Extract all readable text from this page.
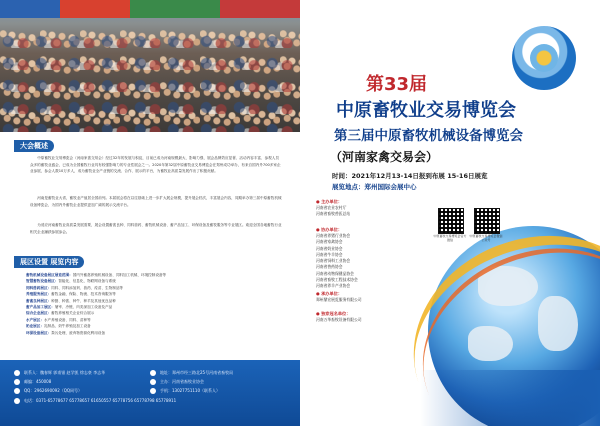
大会概述
中原畜牧业交易博览会（河南家禽交易会）经过32年的发展与积淀，目前已成为河南规模最大、影响力强、展会品牌效应显著、活动内容丰富、参观人员众多的畜牧业盛会，已成为全国畜牧行业具有较强影响力的专业性展会之一。2020年第32届中原畜牧业交易博览会在郑州成功举办，有来自国内外700多家企业参展，参会人数10万多人，成为畜牧业全产业链的交流、合作、展示的平台，为畜牧业高质量发展作出了积极贡献。
河南是畜牧业大省，畜牧业产值居全国前列。本届展会将在以往基础上进一步扩大展会规模，提升展会档次，丰富展会内容，同期举办第三届中原畜牧机械设备博览会，为国内外畜牧企业提供更加广阔的展示交流平台。
为适应河南畜牧业高质量发展需要，展会设置畜禽良种、饲料兽药、畜牧机械设备、畜产品加工、环保设备及畜牧服务等专业展区。欢迎全国各地畜牧行业相关企业踊跃参展参会。
展区设置 展览内容
畜牧机械设备展区展览范围：国内外畜禽养殖机械设备、饲料加工机械、环境控制设备等
智慧畜牧设备展区：智能化、信息化、物联网设备与系统
饲料兽药展区：饲料、饲料添加剂、兽药、疫苗、生物制品等
养殖服务展区：畜牧金融、保险、物流、技术咨询服务等
畜禽良种展区：种猪、种禽、种牛、种羊及其他优良品种
畜产品加工展区：屠宰、冷链、肉类深加工设备及产品
综合企业展区：畜牧养殖相关企业综合展示
水产展区：水产养殖设备、饲料、苗种等
奶业展区：乳制品、奶牛养殖及加工设备
环保设备展区：粪污处理、废弃物资源化利用设备
联系人：魏春辉 郭甫银 赵学凯 徐志豪 李志华
邮编：450008
QQ：2962690092（QQ同号）
电话：0371-65778677 65778657 61650557 65778756 65778798 65778911
地址：郑州市经三路北25号河南省畜牧局
主办：河南省畜牧业协会
手机：13027751110（联系人）
第33届
中原畜牧业交易博览会
第三届中原畜牧机械设备博览会
（河南家禽交易会）
时间：2021年12月13-14日报到布展 15-16日展览
展览地点：郑州国际会展中心
● 主办单位：
河南省农业农村厅
河南省畜牧兽医总站
● 协办单位：
河南省养猪行业协会
河南省家禽协会
河南省奶业协会
河南省牛羊协会
河南省饲料工业协会
河南省兽药协会
河南省动物保健品协会
河南省畜牧工程技术协会
河南省养羊产业协会
● 承办单位：
郑州鼎宏展览服务有限公司
● 独家冠名单位：
河南万华畜牧设备有限公司
中原畜牧交易博览会官方微信
中原畜牧交易博览会微信公众号
